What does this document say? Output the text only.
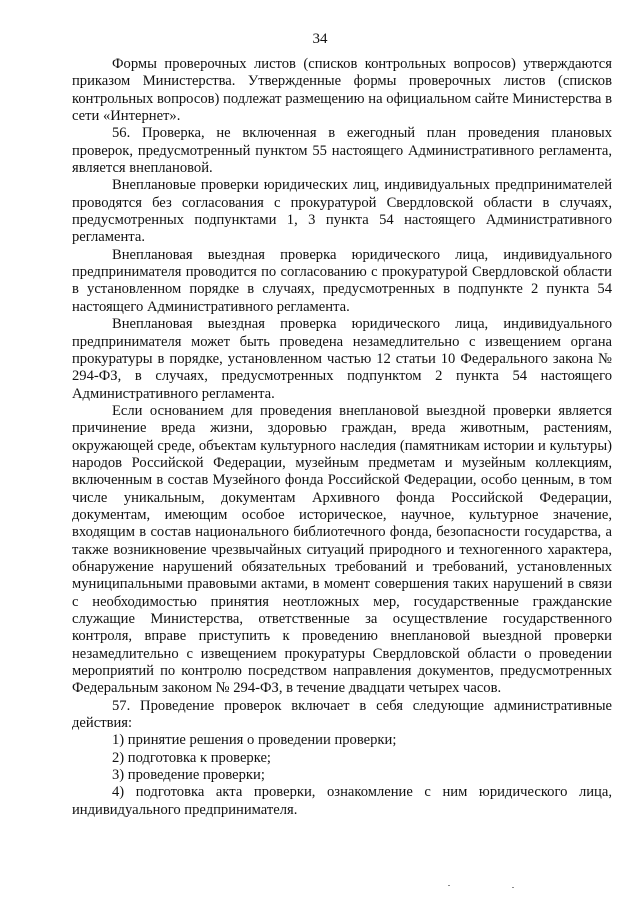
34

Формы проверочных листов (списков контрольных вопросов) утверждаются приказом Министерства. Утвержденные формы проверочных листов (списков контрольных вопросов) подлежат размещению на официальном сайте Министерства в сети «Интернет».

56. Проверка, не включенная в ежегодный план проведения плановых проверок, предусмотренный пунктом 55 настоящего Административного регламента, является внеплановой.

Внеплановые проверки юридических лиц, индивидуальных предпринимателей проводятся без согласования с прокуратурой Свердловской области в случаях, предусмотренных подпунктами 1, 3 пункта 54 настоящего Административного регламента.

Внеплановая выездная проверка юридического лица, индивидуального предпринимателя проводится по согласованию с прокуратурой Свердловской области в установленном порядке в случаях, предусмотренных в подпункте 2 пункта 54 настоящего Административного регламента.

Внеплановая выездная проверка юридического лица, индивидуального предпринимателя может быть проведена незамедлительно с извещением органа прокуратуры в порядке, установленном частью 12 статьи 10 Федерального закона № 294-ФЗ, в случаях, предусмотренных подпунктом 2 пункта 54 настоящего Административного регламента.

Если основанием для проведения внеплановой выездной проверки является причинение вреда жизни, здоровью граждан, вреда животным, растениям, окружающей среде, объектам культурного наследия (памятникам истории и культуры) народов Российской Федерации, музейным предметам и музейным коллекциям, включенным в состав Музейного фонда Российской Федерации, особо ценным, в том числе уникальным, документам Архивного фонда Российской Федерации, документам, имеющим особое историческое, научное, культурное значение, входящим в состав национального библиотечного фонда, безопасности государства, а также возникновение чрезвычайных ситуаций природного и техногенного характера, обнаружение нарушений обязательных требований и требований, установленных муниципальными правовыми актами, в момент совершения таких нарушений в связи с необходимостью принятия неотложных мер, государственные гражданские служащие Министерства, ответственные за осуществление государственного контроля, вправе приступить к проведению внеплановой выездной проверки незамедлительно с извещением прокуратуры Свердловской области о проведении мероприятий по контролю посредством направления документов, предусмотренных Федеральным законом № 294-ФЗ, в течение двадцати четырех часов.

57. Проведение проверок включает в себя следующие административные действия:

1) принятие решения о проведении проверки;

2) подготовка к проверке;

3) проведение проверки;

4) подготовка акта проверки, ознакомление с ним юридического лица, индивидуального предпринимателя.
